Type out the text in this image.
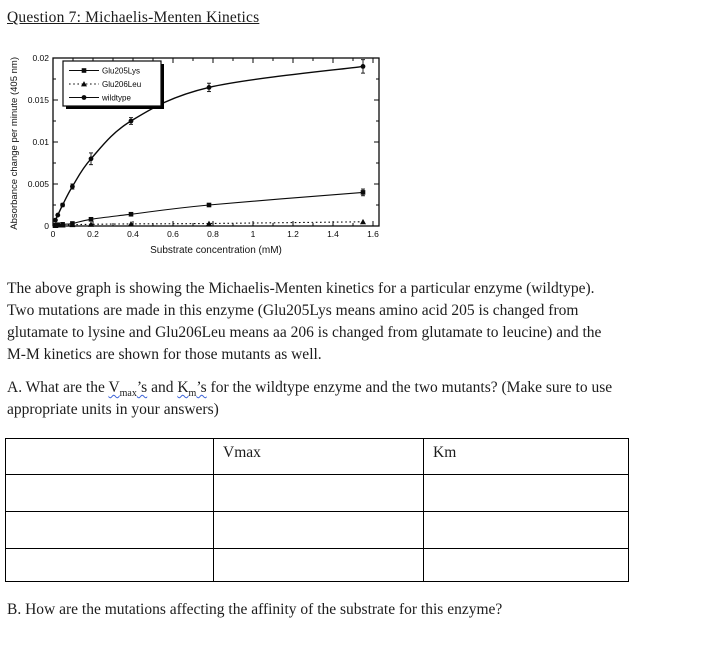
Question 7: Michaelis-Menten Kinetics
Absorbance change per minute (405 nm)
0	0.2	0.4	0.6	0.8	1	1.2	1.4	1.6
0
0.005
0.01
0.015
0.02
Glu205Lys
Glu206Leu
wildtype
Substrate concentration (mM)
The above graph is showing the Michaelis-Menten kinetics for a particular enzyme (wildtype).
Two mutations are made in this enzyme (Glu205Lys means amino acid 205 is changed from
glutamate to lysine and Glu206Leu means aa 206 is changed from glutamate to leucine) and the
M-M kinetics are shown for those mutants as well.
A. What are the $V_{max}’s$ and $K_m’s$ for the wildtype enzyme and the two mutants? (Make sure to use
appropriate units in your answers)
	Vmax	Km

B. How are the mutations affecting the affinity of the substrate for this enzyme?
